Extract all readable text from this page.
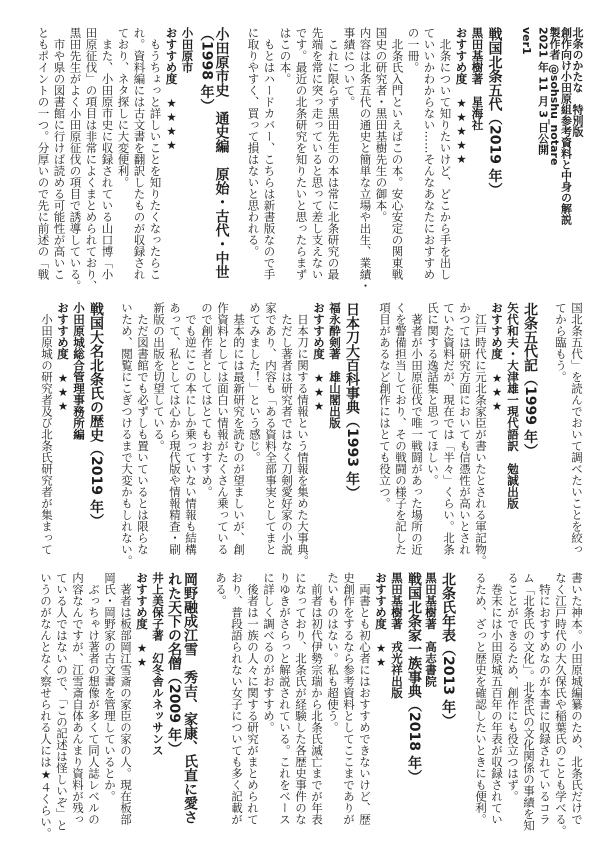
北条のかたな　特別版
創作向け小田原組参考資料と中身の解説
製作者 @sohshu_notare
2021 年 11 月 3 日公開
ver1
戦国北条五代（2019 年）
黒田基樹著　星海社
おすすめ度　★★★★★
　北条について知りたいけど、どこから手を出し
ていいかわからない……そんなあなたにおすすめ
の一冊。
　北条氏入門といえばこの本。安心安定の関東戦
国史の研究者・黒田基樹先生の御本。
内容は北条五代の通史と簡単な立場や出生、業績・
事績について。
　これに限らず黒田先生の本は常に北条研究の最
先端を常に突っ走っていると思って差し支えない
です。最近の北条研究を知りたいと思ったらまず
はこの本。
　もとはハードカバー、こちらは新書版なので手
に取りやすく、買って損はないと思われる。
小田原市史　通史編　原始・古代・中世
（1998 年）
小田原市
おすすめ度　★★★★
　もうちょっと詳しいことを知りたくなったらこ
れ。資料編には古文書を翻訳したものが収録され
ており、ネタ探しに大変便利。
　また、小田原市史に収録されている山口博「小
田原征伐」の項目は非常によくまとめられており、
黒田先生がよく小田原征伐の項目で誘導している。
　市や県の図書館に行けば読める可能性が高いこ
ともポイントの一つ。分厚いので先に前述の「戦
国北条五代」を読んでおいて調べたいことを絞っ
てから臨もう。
北条五代記（1999 年）
矢代和夫・大津雄一現代語訳　勉誠出版
おすすめ度　★★★
　江戸時代に元北条家臣が書いたとされる軍記物。
かつては研究方面においても信憑性が高いとされ
ていた資料だが、現在では「半々」くらい。北条
氏に関する逸話集と思ってほしい。
　著者が小田原征伐で唯一戦闘があった場所の近
くを警備担当しており、その戦闘の様子を記した
項目があるなど創作にはとても役立つ。
日本刀大百科事典（1993 年）
福永酔剣著　雄山閣出版
おすすめ度　★★★
　日本刀に関する情報という情報を集めた大事典。
　ただし著者は研究者ではなく刀剣愛好家の小説
家であり、内容も「ある資料全部事実としてまと
めてみました！」という感じ。
　基本的には最新研究を読むのが望ましいが、創
作資料としては面白い情報がたくさん乗っている
ので創作者としてはとてもおすすめ。
　でも逆にこの本にしか乗っていない情報も結構
あって、私としては心から現代版や情報精査・刷
新版の出版を切望している。
　ただ図書館でも必ずしも置いているとは限らな
いため、閲覧にこぎつけるまで大変かもしれない。
戦国大名北条氏の歴史（2019 年）
小田原城総合管理事務所編
おすすめ度　★★★
　小田原城の研究者及び北条氏研究者が集まって
書いた神本。小田原城編纂のため、北条氏だけで
なく江戸時代の大久保氏や稲葉氏のことも学べる。
　特におすすめなのが本書に収録されているコラ
ム「北条氏の文化」。北条氏の文化関係の事績を知
ることができるため、創作にも役立つはず。
　巻末には小田原城五百年の年表が収録されてい
るため、ざっと歴史を確認したいときにも便利。
北条氏年表（2013 年）
黒田基樹著　高志書院
戦国北条家一族事典（2018 年）
黒田基樹著　戎光祥出版
おすすめ度　★★
　両書とも初心者にはおすすめできないけど、歴
史創作をするなら参考資料としてここまでありが
たいものはない。私も超使う。
　前者は初代伊勢宗瑞から北条氏滅亡までが年表
になっており、北条氏が経験した各歴史事件のな
りゆきがさらっと解説されている。これをベース
に詳しく調べるのがおすすめ。
　後者は一族の人々に関する研究がまとめられて
おり、普段語られない女子についても多く記載が
ある。
岡野融成江雪　秀吉、家康、氏直に愛さ
れた天下の名僧（2009 年）
井上美保子著　幻冬舎ルネッサンス
おすすめ度　★★
　著者は板部岡江雪斎の家臣の家の人。現在板部
岡氏・岡野家の古文書を管理しているとか。
　ぶっちゃけ著者の想像が多くて同人誌レベルの
内容なんですが、江雪斎自体あんまり資料が残っ
ている人ではないので、「この記述は怪しいぞ」と
いうのがなんとなく察せられる人には★４くらい。
